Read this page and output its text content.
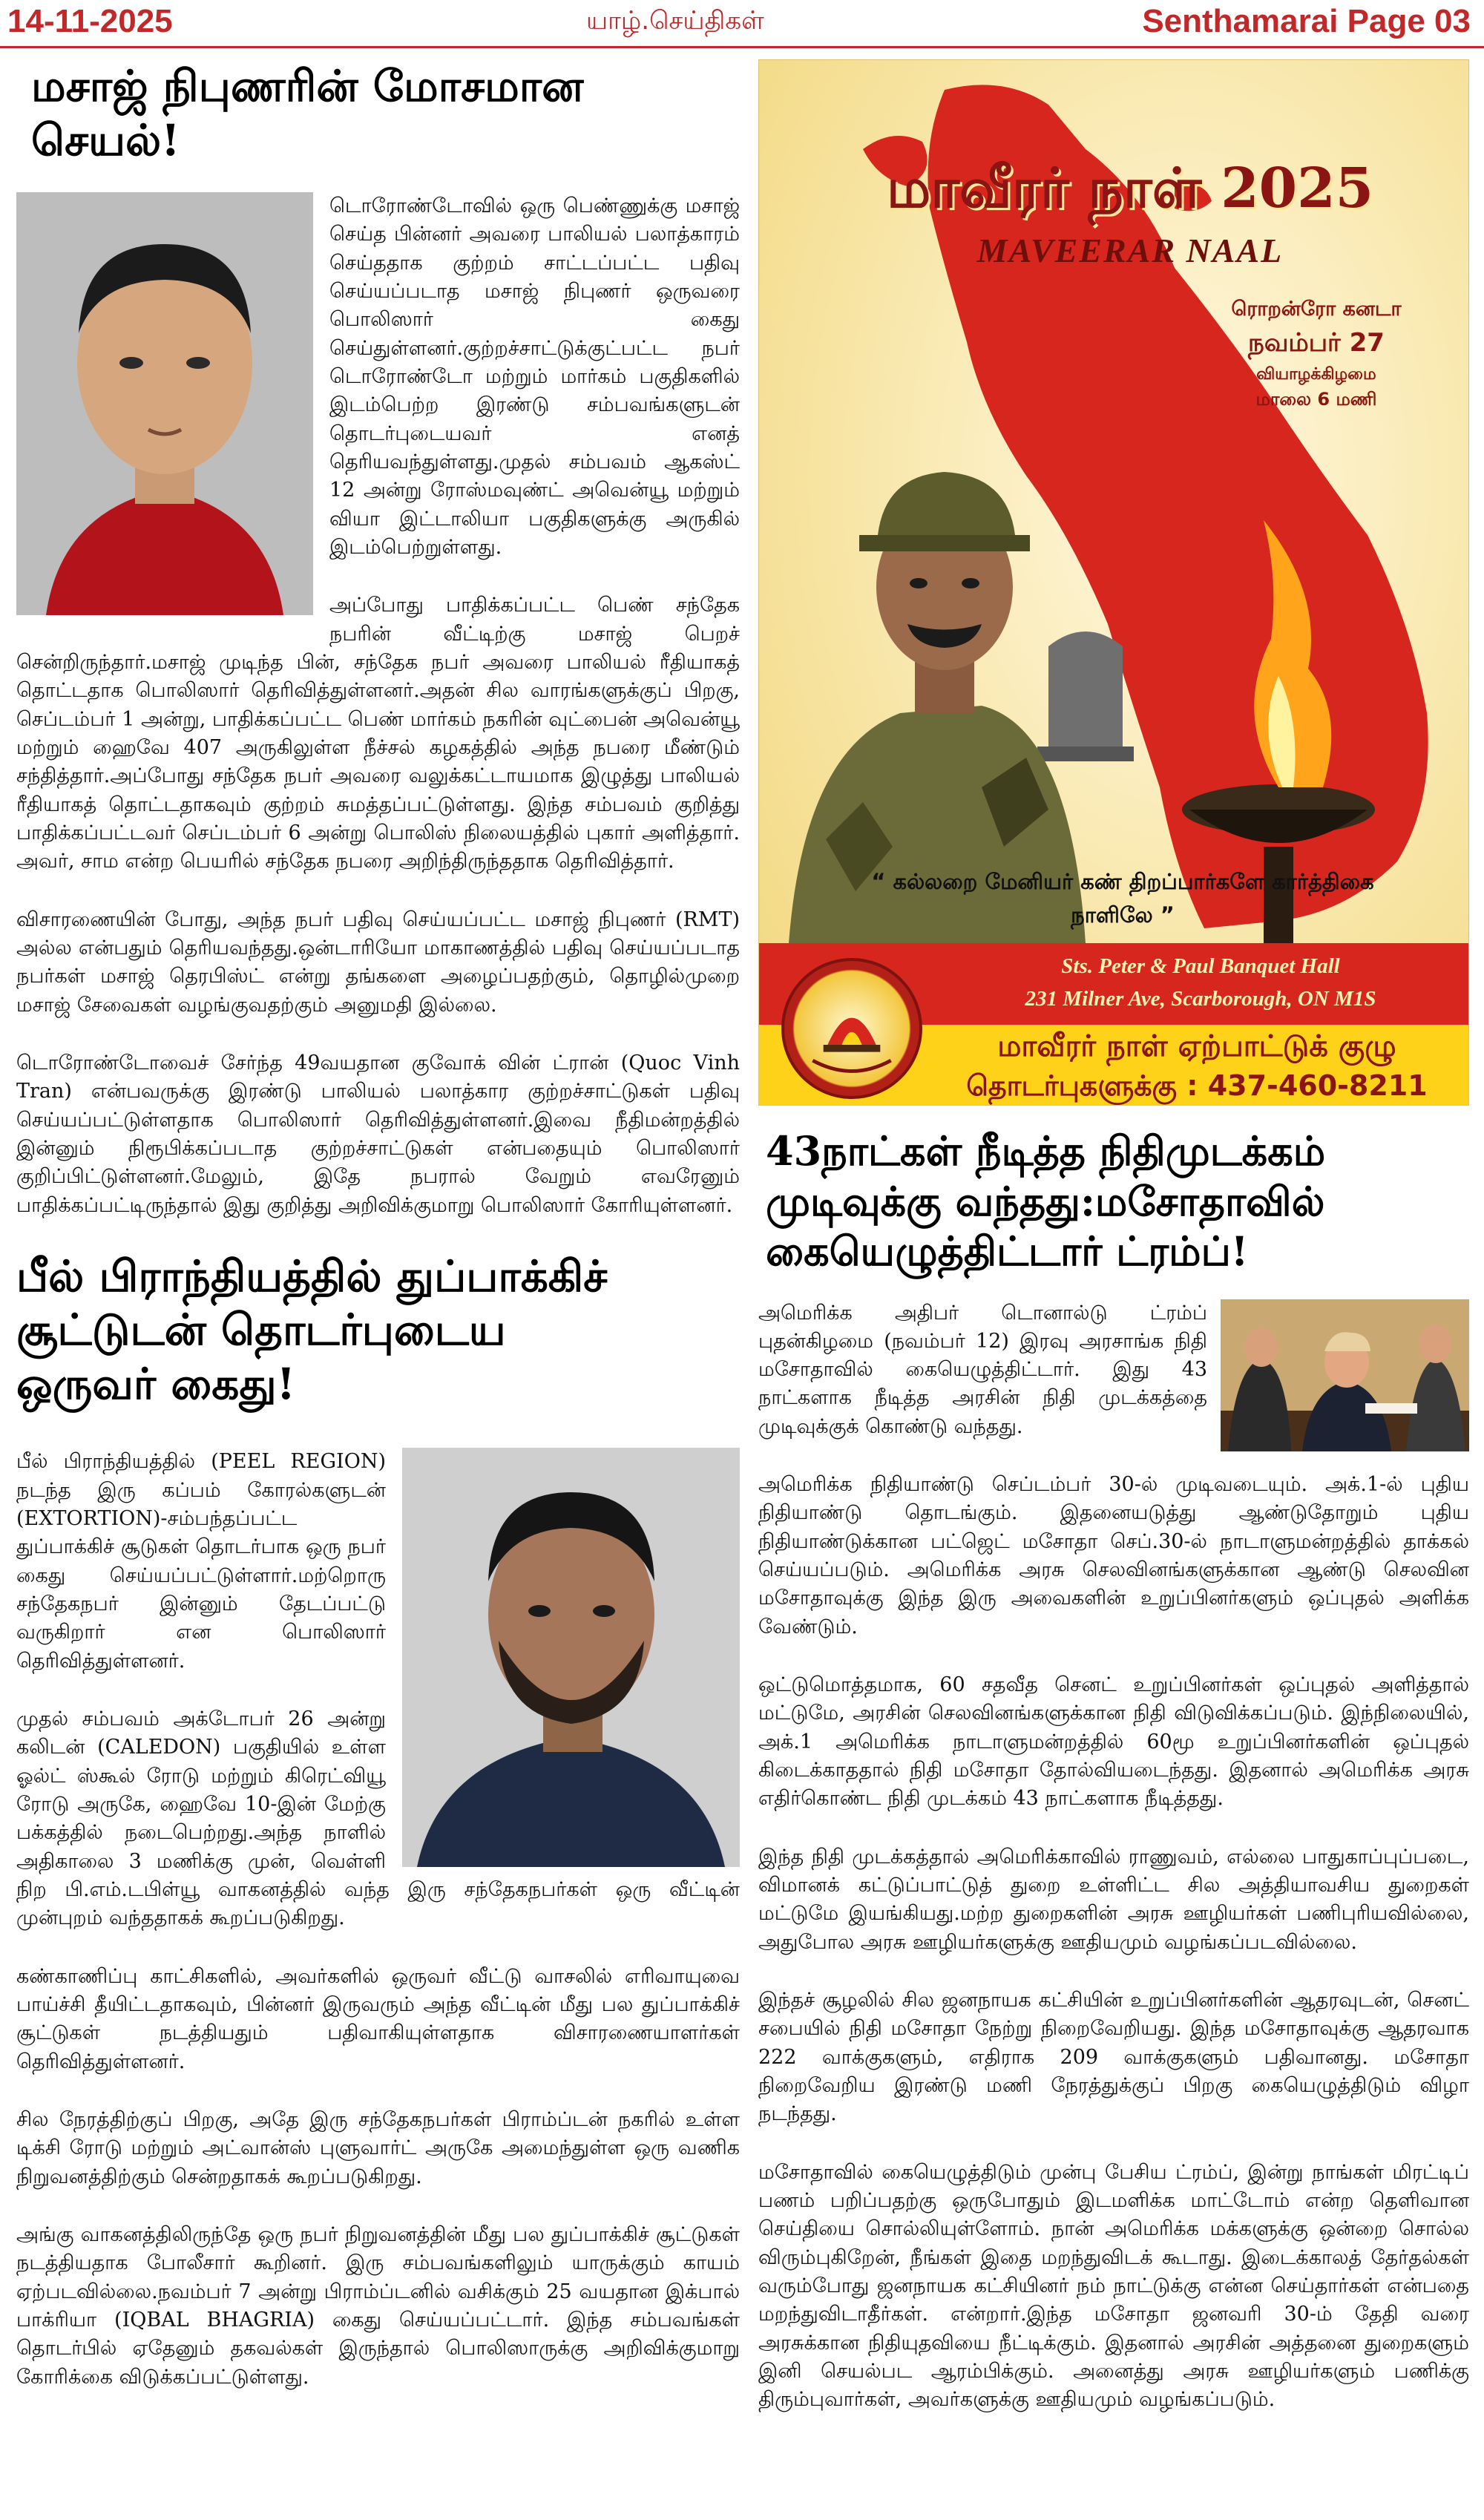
14-11-2025	யாழ்.செய்திகள்	Senthamarai Page 03
மசாஜ் நிபுணரின் மோசமான செயல்!

டொரோண்டோவில் ஒரு பெண்ணுக்கு மசாஜ் செய்த பின்னர் அவரை பாலியல் பலாத்காரம் செய்ததாக குற்றம் சாட்டப்பட்ட பதிவு செய்யப்படாத மசாஜ் நிபுணர் ஒருவரை பொலிஸார் கைது செய்துள்ளனர்.குற்றச்சாட்டுக்குட்பட்ட நபர் டொரோண்டோ மற்றும் மார்கம் பகுதிகளில் இடம்பெற்ற இரண்டு சம்பவங்களுடன் தொடர்புடையவர் எனத் தெரியவந்துள்ளது.முதல் சம்பவம் ஆகஸ்ட் 12 அன்று ரோஸ்மவுண்ட் அவென்யூ மற்றும் வியா இட்டாலியா பகுதிகளுக்கு அருகில் இடம்பெற்றுள்ளது.

அப்போது பாதிக்கப்பட்ட பெண் சந்தேக நபரின் வீட்டிற்கு மசாஜ் பெறச் சென்றிருந்தார்.மசாஜ் முடிந்த பின், சந்தேக நபர் அவரை பாலியல் ரீதியாகத் தொட்டதாக பொலிஸார் தெரிவித்துள்ளனர்.அதன் சில வாரங்களுக்குப் பிறகு, செப்டம்பர் 1 அன்று, பாதிக்கப்பட்ட பெண் மார்கம் நகரின் வுட்பைன் அவென்யூ மற்றும் ஹைவே 407 அருகிலுள்ள நீச்சல் கழகத்தில் அந்த நபரை மீண்டும் சந்தித்தார்.அப்போது சந்தேக நபர் அவரை வலுக்கட்டாயமாக இழுத்து பாலியல் ரீதியாகத் தொட்டதாகவும் குற்றம் சுமத்தப்பட்டுள்ளது. இந்த சம்பவம் குறித்து பாதிக்கப்பட்டவர் செப்டம்பர் 6 அன்று பொலிஸ் நிலையத்தில் புகார் அளித்தார். அவர், சாம என்ற பெயரில் சந்தேக நபரை அறிந்திருந்ததாக தெரிவித்தார்.

விசாரணையின் போது, அந்த நபர் பதிவு செய்யப்பட்ட மசாஜ் நிபுணர் (RMT) அல்ல என்பதும் தெரியவந்தது.ஒன்டாரியோ மாகாணத்தில் பதிவு செய்யப்படாத நபர்கள் மசாஜ் தெரபிஸ்ட் என்று தங்களை அழைப்பதற்கும், தொழில்முறை மசாஜ் சேவைகள் வழங்குவதற்கும் அனுமதி இல்லை.

டொரோண்டோவைச் சேர்ந்த 49வயதான குவோக் வின் ட்ரான் (Quoc Vinh Tran) என்பவருக்கு இரண்டு பாலியல் பலாத்கார குற்றச்சாட்டுகள் பதிவு செய்யப்பட்டுள்ளதாக பொலிஸார் தெரிவித்துள்ளனர்.இவை நீதிமன்றத்தில் இன்னும் நிரூபிக்கப்படாத குற்றச்சாட்டுகள் என்பதையும் பொலிஸார் குறிப்பிட்டுள்ளனர்.மேலும், இதே நபரால் வேறும் எவரேனும் பாதிக்கப்பட்டிருந்தால் இது குறித்து அறிவிக்குமாறு பொலிஸார் கோரியுள்ளனர்.

பீல் பிராந்தியத்தில் துப்பாக்கிச் சூட்டுடன் தொடர்புடைய ஒருவர் கைது!

பீல் பிராந்தியத்தில் (PEEL REGION) நடந்த இரு கப்பம் கோரல்களுடன் (EXTORTION)-சம்பந்தப்பட்ட துப்பாக்கிச் சூடுகள் தொடர்பாக ஒரு நபர் கைது செய்யப்பட்டுள்ளார்.மற்றொரு சந்தேகநபர் இன்னும் தேடப்பட்டு வருகிறார் என பொலிஸார் தெரிவித்துள்ளனர்.

முதல் சம்பவம் அக்டோபர் 26 அன்று கலிடன் (CALEDON) பகுதியில் உள்ள ஓல்ட் ஸ்கூல் ரோடு மற்றும் கிரெட்வியூ ரோடு அருகே, ஹைவே 10-இன் மேற்கு பக்கத்தில் நடைபெற்றது.அந்த நாளில் அதிகாலை 3 மணிக்கு முன், வெள்ளி நிற பி.எம்.டபிள்யூ வாகனத்தில் வந்த இரு சந்தேகநபர்கள் ஒரு வீட்டின் முன்புறம் வந்ததாகக் கூறப்படுகிறது.

கண்காணிப்பு காட்சிகளில், அவர்களில் ஒருவர் வீட்டு வாசலில் எரிவாயுவை பாய்ச்சி தீயிட்டதாகவும், பின்னர் இருவரும் அந்த வீட்டின் மீது பல துப்பாக்கிச் சூட்டுகள் நடத்தியதும் பதிவாகியுள்ளதாக விசாரணையாளர்கள் தெரிவித்துள்ளனர்.

சில நேரத்திற்குப் பிறகு, அதே இரு சந்தேகநபர்கள் பிராம்ப்டன் நகரில் உள்ள டிக்சி ரோடு மற்றும் அட்வான்ஸ் புளுவார்ட் அருகே அமைந்துள்ள ஒரு வணிக நிறுவனத்திற்கும் சென்றதாகக் கூறப்படுகிறது.

அங்கு வாகனத்திலிருந்தே ஒரு நபர் நிறுவனத்தின் மீது பல துப்பாக்கிச் சூட்டுகள் நடத்தியதாக போலீசார் கூறினர். இரு சம்பவங்களிலும் யாருக்கும் காயம் ஏற்படவில்லை.நவம்பர் 7 அன்று பிராம்ப்டனில் வசிக்கும் 25 வயதான இக்பால் பாக்ரியா (IQBAL BHAGRIA) கைது செய்யப்பட்டார். இந்த சம்பவங்கள் தொடர்பில் ஏதேனும் தகவல்கள் இருந்தால் பொலிஸாருக்கு அறிவிக்குமாறு கோரிக்கை விடுக்கப்பட்டுள்ளது.

மாவீரர் நாள் 2025
MAVEERAR NAAL
ரொறன்ரோ கனடா
நவம்பர் 27
வியாழக்கிழமை
மாலை 6 மணி
“ கல்லறை மேனியர் கண் திறப்பார்களே கார்த்திகை நாளிலே ”
Sts. Peter & Paul Banquet Hall
231 Milner Ave, Scarborough, ON M1S
மாவீரர் நாள் ஏற்பாட்டுக் குழு
தொடர்புகளுக்கு : 437-460-8211
43நாட்கள் நீடித்த நிதிமுடக்கம் முடிவுக்கு வந்தது:மசோதாவில் கையெழுத்திட்டார் ட்ரம்ப்!

அமெரிக்க அதிபர் டொனால்டு ட்ரம்ப் புதன்கிழமை (நவம்பர் 12) இரவு அரசாங்க நிதி மசோதாவில் கையெழுத்திட்டார். இது 43 நாட்களாக நீடித்த அரசின் நிதி முடக்கத்தை முடிவுக்குக் கொண்டு வந்தது.

அமெரிக்க நிதியாண்டு செப்டம்பர் 30-ல் முடிவடையும். அக்.1-ல் புதிய நிதியாண்டு தொடங்கும். இதனையடுத்து ஆண்டுதோறும் புதிய நிதியாண்டுக்கான பட்ஜெட் மசோதா செப்.30-ல் நாடாளுமன்றத்தில் தாக்கல் செய்யப்படும். அமெரிக்க அரசு செலவினங்களுக்கான ஆண்டு செலவின மசோதாவுக்கு இந்த இரு அவைகளின் உறுப்பினர்களும் ஒப்புதல் அளிக்க வேண்டும்.

ஒட்டுமொத்தமாக, 60 சதவீத செனட் உறுப்பினர்கள் ஒப்புதல் அளித்தால் மட்டுமே, அரசின் செலவினங்களுக்கான நிதி விடுவிக்கப்படும். இந்நிலையில், அக்.1 அமெரிக்க நாடாளுமன்றத்தில் 60மூ உறுப்பினர்களின் ஒப்புதல் கிடைக்காததால் நிதி மசோதா தோல்வியடைந்தது. இதனால் அமெரிக்க அரசு எதிர்கொண்ட நிதி முடக்கம் 43 நாட்களாக நீடித்தது.

இந்த நிதி முடக்கத்தால் அமெரிக்காவில் ராணுவம், எல்லை பாதுகாப்புப்படை, விமானக் கட்டுப்பாட்டுத் துறை உள்ளிட்ட சில அத்தியாவசிய துறைகள் மட்டுமே இயங்கியது.மற்ற துறைகளின் அரசு ஊழியர்கள் பணிபுரியவில்லை, அதுபோல அரசு ஊழியர்களுக்கு ஊதியமும் வழங்கப்படவில்லை.

இந்தச் சூழலில் சில ஜனநாயக கட்சியின் உறுப்பினர்களின் ஆதரவுடன், செனட் சபையில் நிதி மசோதா நேற்று நிறைவேறியது. இந்த மசோதாவுக்கு ஆதரவாக 222 வாக்குகளும், எதிராக 209 வாக்குகளும் பதிவானது. மசோதா நிறைவேறிய இரண்டு மணி நேரத்துக்குப் பிறகு கையெழுத்திடும் விழா நடந்தது.

மசோதாவில் கையெழுத்திடும் முன்பு பேசிய ட்ரம்ப், இன்று நாங்கள் மிரட்டிப் பணம் பறிப்பதற்கு ஒருபோதும் இடமளிக்க மாட்டோம் என்ற தெளிவான செய்தியை சொல்லியுள்ளோம். நான் அமெரிக்க மக்களுக்கு ஒன்றை சொல்ல விரும்புகிறேன், நீங்கள் இதை மறந்துவிடக் கூடாது. இடைக்காலத் தேர்தல்கள் வரும்போது ஜனநாயக கட்சியினர் நம் நாட்டுக்கு என்ன செய்தார்கள் என்பதை மறந்துவிடாதீர்கள். என்றார்.இந்த மசோதா ஜனவரி 30-ம் தேதி வரை அரசுக்கான நிதியுதவியை நீட்டிக்கும். இதனால் அரசின் அத்தனை துறைகளும் இனி செயல்பட ஆரம்பிக்கும். அனைத்து அரசு ஊழியர்களும் பணிக்கு திரும்புவார்கள், அவர்களுக்கு ஊதியமும் வழங்கப்படும்.
